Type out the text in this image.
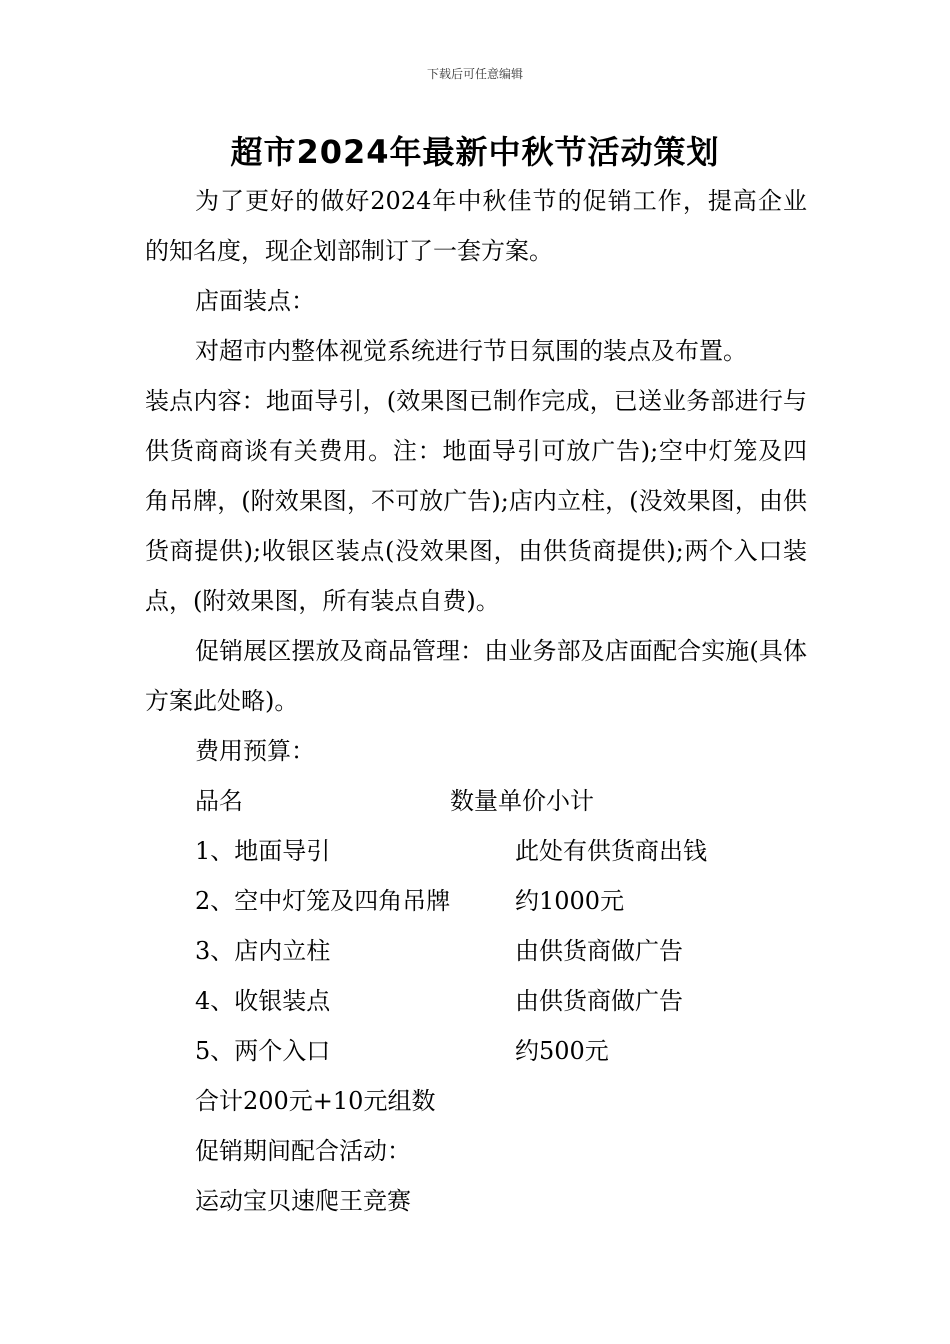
下载后可任意编辑
超市2024年最新中秋节活动策划

为了更好的做好2024年中秋佳节的促销工作，提高企业的知名度，现企划部制订了一套方案。

店面装点：

对超市内整体视觉系统进行节日氛围的装点及布置。

装点内容：地面导引，(效果图已制作完成，已送业务部进行与供货商商谈有关费用。注：地面导引可放广告);空中灯笼及四角吊牌，(附效果图，不可放广告);店内立柱，(没效果图，由供货商提供);收银区装点(没效果图，由供货商提供);两个入口装点，(附效果图，所有装点自费)。

促销展区摆放及商品管理：由业务部及店面配合实施(具体方案此处略)。

费用预算：

品名	数量单价小计
1、地面导引	此处有供货商出钱
2、空中灯笼及四角吊牌	约1000元
3、店内立柱	由供货商做广告
4、收银装点	由供货商做广告
5、两个入口	约500元

合计200元+10元组数

促销期间配合活动：

运动宝贝速爬王竞赛
